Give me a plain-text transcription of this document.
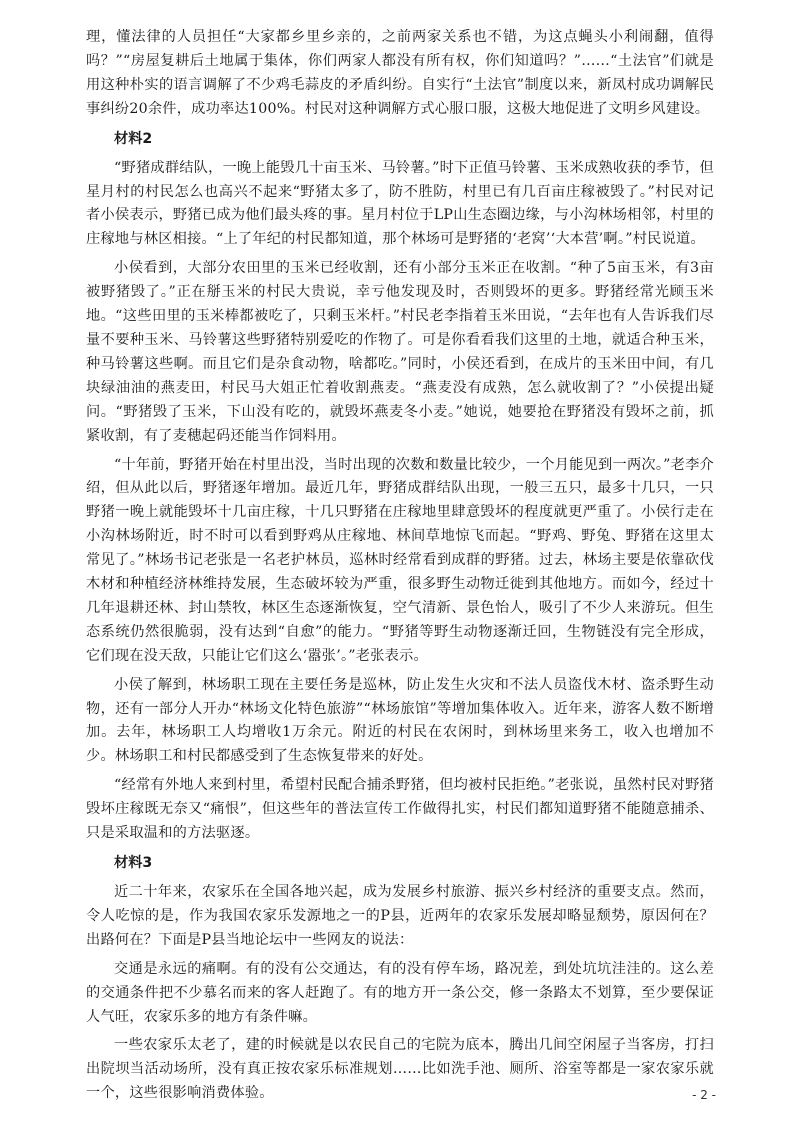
理，懂法律的人员担任“大家都乡里乡亲的，之前两家关系也不错，为这点蝇头小利闹翻，值得吗？”“房屋复耕后土地属于集体，你们两家人都没有所有权，你们知道吗？”……“土法官”们就是用这种朴实的语言调解了不少鸡毛蒜皮的矛盾纠纷。自实行“土法官”制度以来，新凤村成功调解民事纠纷20余件，成功率达100%。村民对这种调解方式心服口服，这极大地促进了文明乡风建设。

材料2

“野猪成群结队，一晚上能毁几十亩玉米、马铃薯。”时下正值马铃薯、玉米成熟收获的季节，但星月村的村民怎么也高兴不起来“野猪太多了，防不胜防，村里已有几百亩庄稼被毁了。”村民对记者小侯表示，野猪已成为他们最头疼的事。星月村位于LP山生态圈边缘，与小沟林场相邻，村里的庄稼地与林区相接。“上了年纪的村民都知道，那个林场可是野猪的‘老窝’‘大本营’啊。”村民说道。

小侯看到，大部分农田里的玉米已经收割，还有小部分玉米正在收割。“种了5亩玉米，有3亩被野猪毁了。”正在掰玉米的村民大贵说，幸亏他发现及时，否则毁坏的更多。野猪经常光顾玉米地。“这些田里的玉米棒都被吃了，只剩玉米杆。”村民老李指着玉米田说，“去年也有人告诉我们尽量不要种玉米、马铃薯这些野猪特别爱吃的作物了。可是你看看我们这里的土地，就适合种玉米，种马铃薯这些啊。而且它们是杂食动物，啥都吃。”同时，小侯还看到，在成片的玉米田中间，有几块绿油油的燕麦田，村民马大姐正忙着收割燕麦。“燕麦没有成熟，怎么就收割了？”小侯提出疑问。“野猪毁了玉米，下山没有吃的，就毁坏燕麦冬小麦。”她说，她要抢在野猪没有毁坏之前，抓紧收割，有了麦穗起码还能当作饲料用。

“十年前，野猪开始在村里出没，当时出现的次数和数量比较少，一个月能见到一两次。”老李介绍，但从此以后，野猪逐年增加。最近几年，野猪成群结队出现，一般三五只，最多十几只，一只野猪一晚上就能毁坏十几亩庄稼，十几只野猪在庄稼地里肆意毁坏的程度就更严重了。小侯行走在小沟林场附近，时不时可以看到野鸡从庄稼地、林间草地惊飞而起。“野鸡、野兔、野猪在这里太常见了。”林场书记老张是一名老护林员，巡林时经常看到成群的野猪。过去，林场主要是依靠砍伐木材和种植经济林维持发展，生态破坏较为严重，很多野生动物迁徙到其他地方。而如今，经过十几年退耕还林、封山禁牧，林区生态逐渐恢复，空气清新、景色怡人，吸引了不少人来游玩。但生态系统仍然很脆弱，没有达到“自愈”的能力。“野猪等野生动物逐渐迁回，生物链没有完全形成，它们现在没天敌，只能让它们这么‘嚣张’。”老张表示。

小侯了解到，林场职工现在主要任务是巡林，防止发生火灾和不法人员盗伐木材、盗杀野生动物，还有一部分人开办“林场文化特色旅游”“林场旅馆”等增加集体收入。近年来，游客人数不断增加。去年，林场职工人均增收1万余元。附近的村民在农闲时，到林场里来务工，收入也增加不少。林场职工和村民都感受到了生态恢复带来的好处。

“经常有外地人来到村里，希望村民配合捕杀野猪，但均被村民拒绝。”老张说，虽然村民对野猪毁坏庄稼既无奈又“痛恨”，但这些年的普法宣传工作做得扎实，村民们都知道野猪不能随意捕杀、只是采取温和的方法驱逐。

材料3

近二十年来，农家乐在全国各地兴起，成为发展乡村旅游、振兴乡村经济的重要支点。然而，令人吃惊的是，作为我国农家乐发源地之一的P县，近两年的农家乐发展却略显颓势，原因何在？出路何在？下面是P县当地论坛中一些网友的说法：

交通是永远的痛啊。有的没有公交通达，有的没有停车场，路况差，到处坑坑洼洼的。这么差的交通条件把不少慕名而来的客人赶跑了。有的地方开一条公交，修一条路太不划算，至少要保证人气旺，农家乐多的地方有条件嘛。

一些农家乐太老了，建的时候就是以农民自己的宅院为底本，腾出几间空闲屋子当客房，打扫出院坝当活动场所，没有真正按农家乐标准规划……比如洗手池、厕所、浴室等都是一家农家乐就一个，这些很影响消费体验。	- 2 -
